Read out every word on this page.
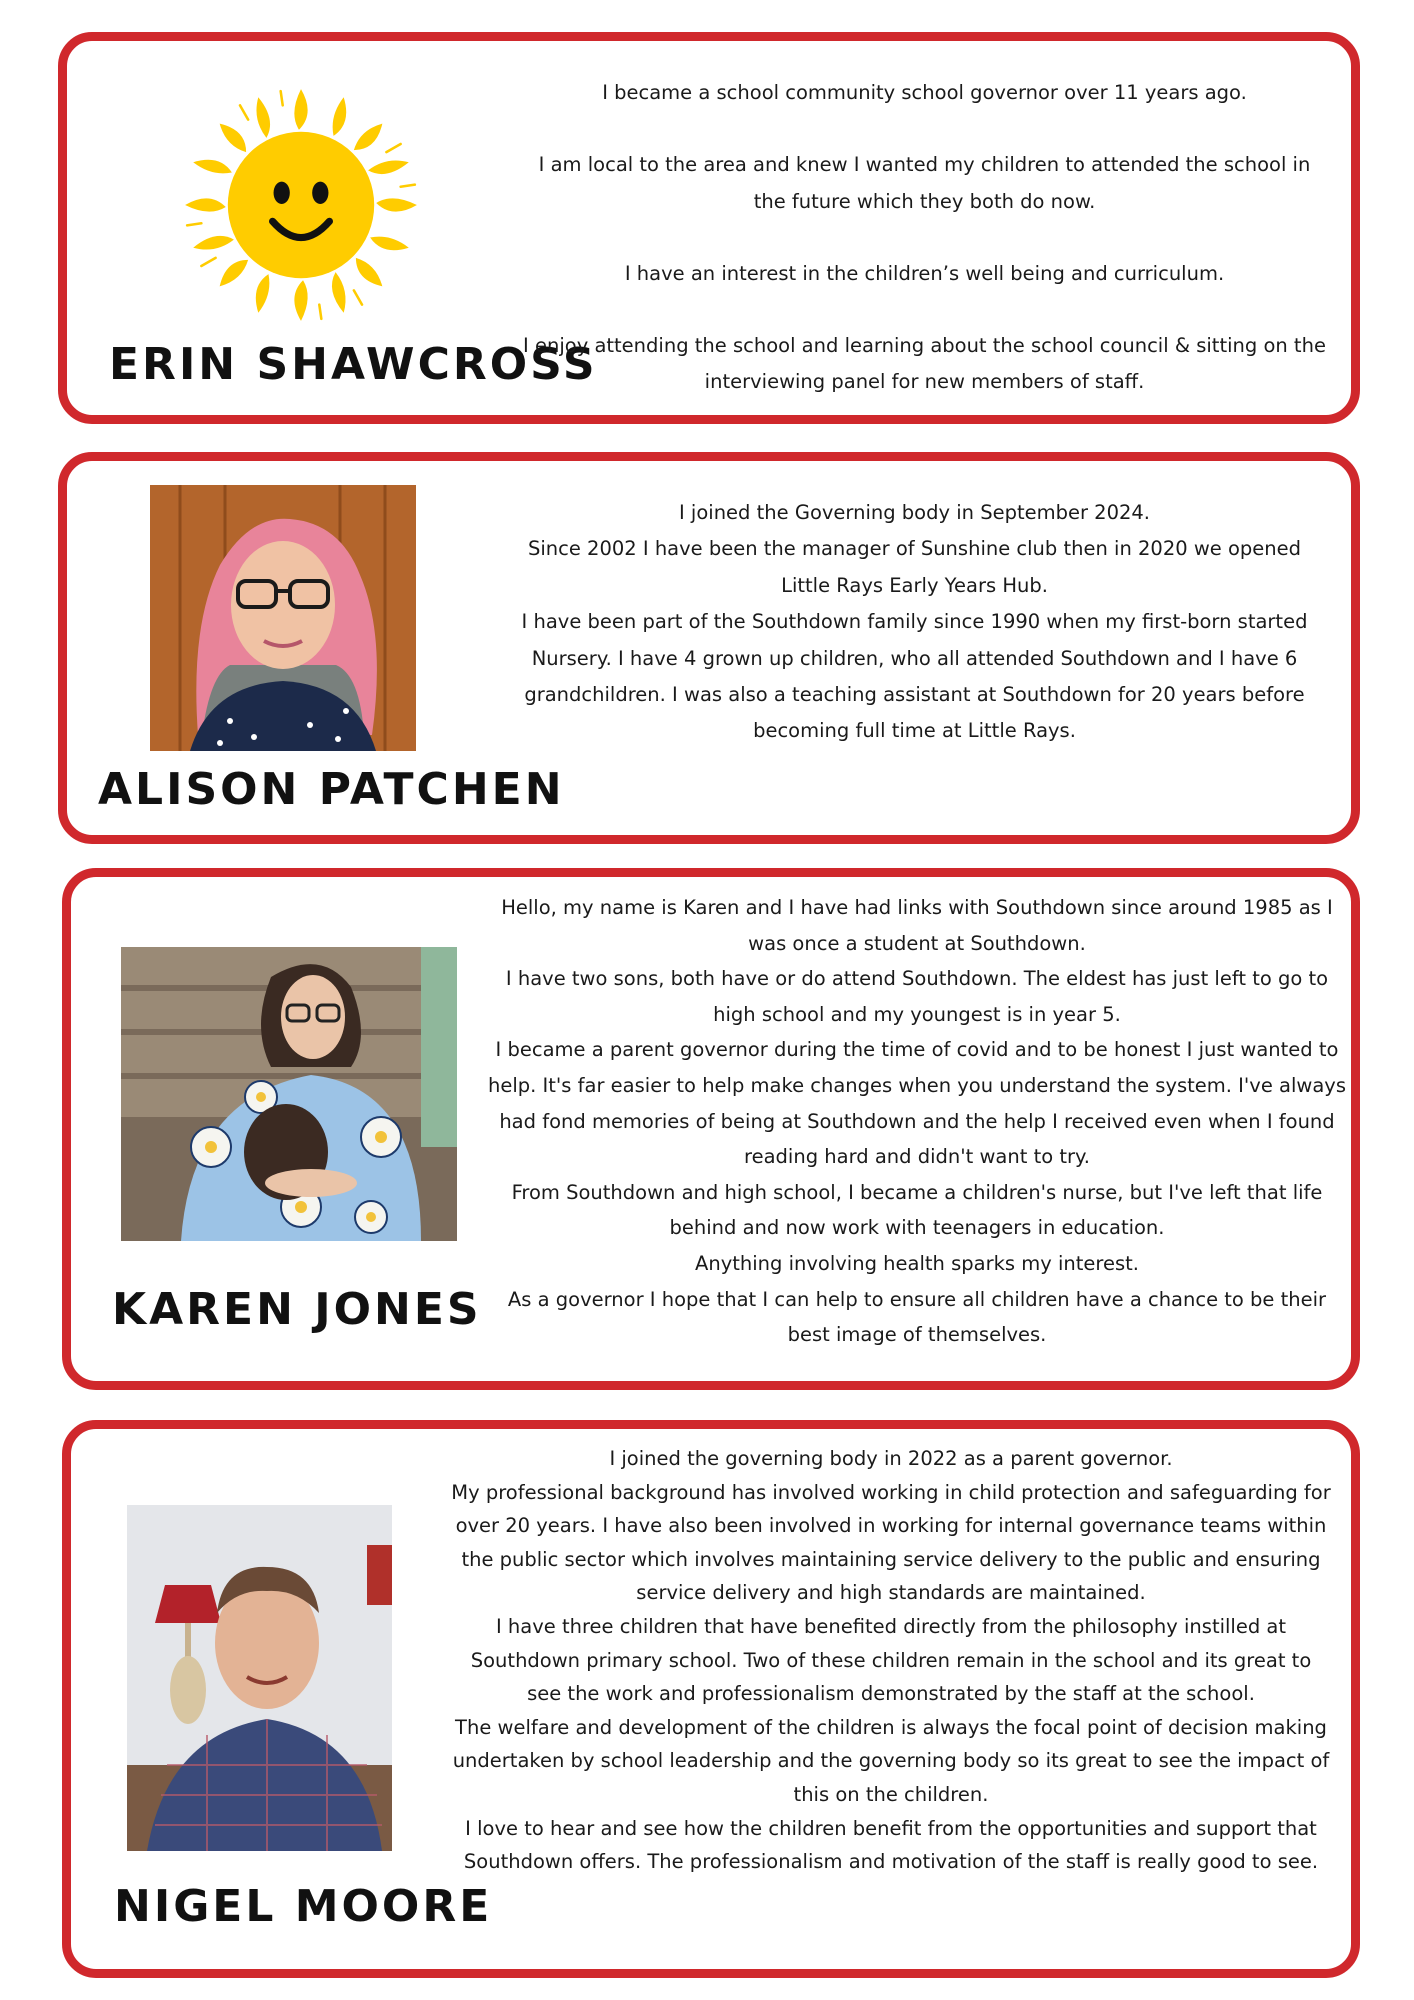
ERIN SHAWCROSS

I became a school community school governor over 11 years ago.

I am local to the area and knew I wanted my children to attended the school in the future which they both do now.

I have an interest in the children’s well being and curriculum.

I enjoy attending the school and learning about the school council & sitting on the interviewing panel for new members of staff.

ALISON PATCHEN

I joined the Governing body in September 2024.

Since 2002 I have been the manager of Sunshine club then in 2020 we opened Little Rays Early Years Hub.

I have been part of the Southdown family since 1990 when my first-born started Nursery. I have 4 grown up children, who all attended Southdown and I have 6 grandchildren. I was also a teaching assistant at Southdown for 20 years before becoming full time at Little Rays.

KAREN JONES

Hello, my name is Karen and I have had links with Southdown since around 1985 as I was once a student at Southdown.

I have two sons, both have or do attend Southdown. The eldest has just left to go to high school and my youngest is in year 5.

I became a parent governor during the time of covid and to be honest I just wanted to help. It's far easier to help make changes when you understand the system. I've always had fond memories of being at Southdown and the help I received even when I found reading hard and didn't want to try.

From Southdown and high school, I became a children's nurse, but I've left that life behind and now work with teenagers in education.

Anything involving health sparks my interest.

As a governor I hope that I can help to ensure all children have a chance to be their best image of themselves.

NIGEL MOORE

I joined the governing body in 2022 as a parent governor.

My professional background has involved working in child protection and safeguarding for over 20 years. I have also been involved in working for internal governance teams within the public sector which involves maintaining service delivery to the public and ensuring service delivery and high standards are maintained.

I have three children that have benefited directly from the philosophy instilled at Southdown primary school. Two of these children remain in the school and its great to see the work and professionalism demonstrated by the staff at the school.

The welfare and development of the children is always the focal point of decision making undertaken by school leadership and the governing body so its great to see the impact of this on the children.

I love to hear and see how the children benefit from the opportunities and support that Southdown offers. The professionalism and motivation of the staff is really good to see.
